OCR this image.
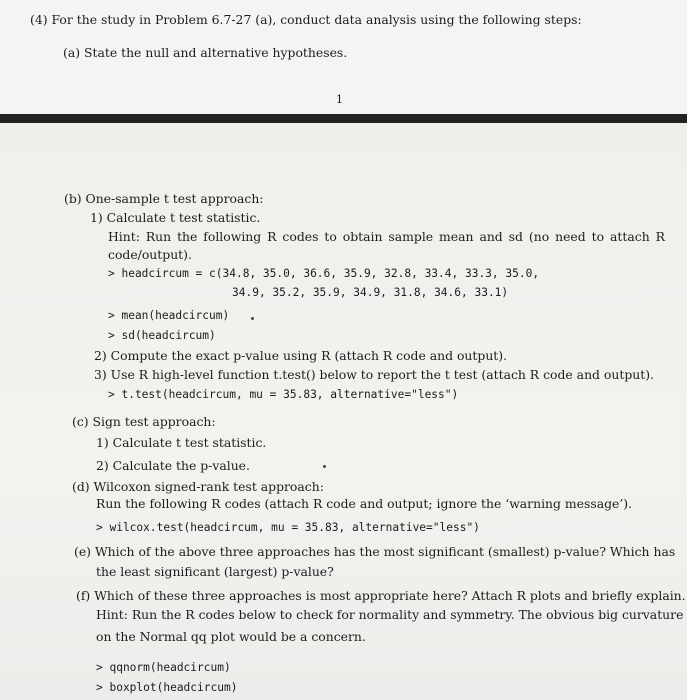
(4) For the study in Problem 6.7-27 (a), conduct data analysis using the following steps:
(a) State the null and alternative hypotheses.
1
(b) One-sample t test approach:
1) Calculate t test statistic.
Hint: Run the following R codes to obtain sample mean and sd (no need to attach R
code/output).
> headcircum = c(34.8, 35.0, 36.6, 35.9, 32.8, 33.4, 33.3, 35.0,
34.9, 35.2, 35.9, 34.9, 31.8, 34.6, 33.1)
> mean(headcircum)
> sd(headcircum)
2) Compute the exact p-value using R (attach R code and output).
3) Use R high-level function t.test() below to report the t test (attach R code and output).
> t.test(headcircum, mu = 35.83, alternative="less")
(c) Sign test approach:
1) Calculate t test statistic.
2) Calculate the p-value.
(d) Wilcoxon signed-rank test approach:
Run the following R codes (attach R code and output; ignore the ‘warning message’).
> wilcox.test(headcircum, mu = 35.83, alternative="less")
(e) Which of the above three approaches has the most significant (smallest) p-value? Which has
the least significant (largest) p-value?
(f) Which of these three approaches is most appropriate here? Attach R plots and briefly explain.
Hint: Run the R codes below to check for normality and symmetry. The obvious big curvature
on the Normal qq plot would be a concern.
> qqnorm(headcircum)
> boxplot(headcircum)
